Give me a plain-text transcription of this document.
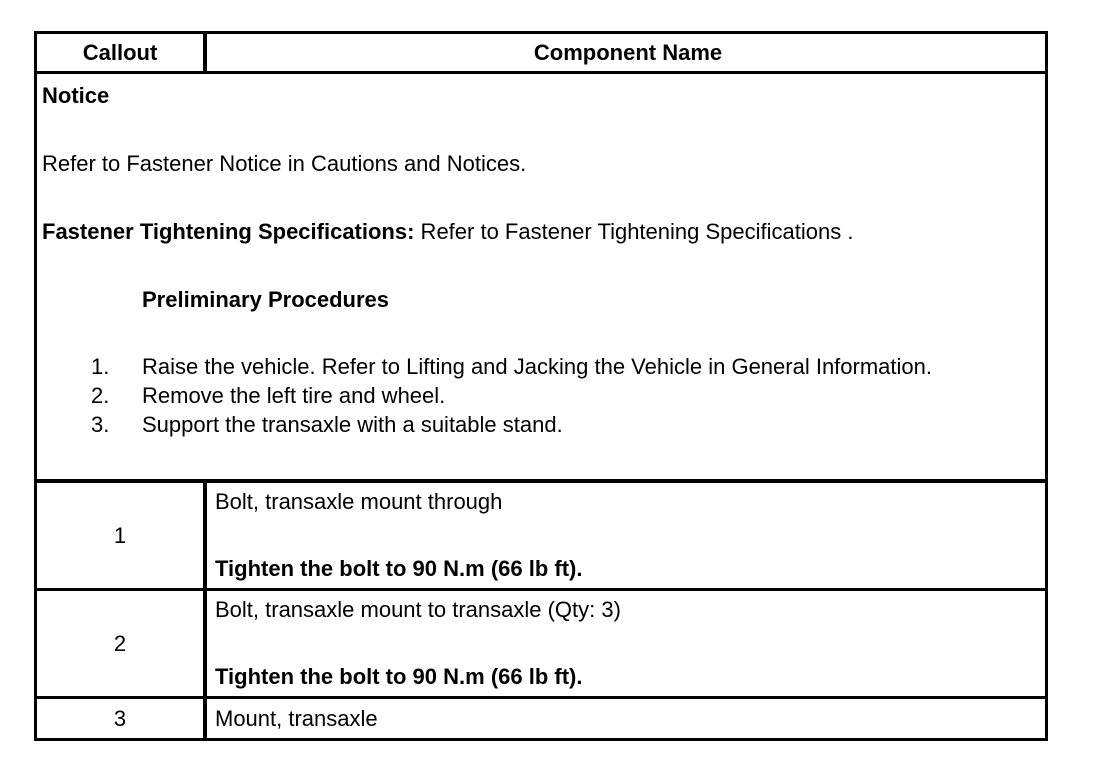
Callout	Component Name
Notice
Refer to Fastener Notice in Cautions and Notices.
Fastener Tightening Specifications: Refer to Fastener Tightening Specifications .
Preliminary Procedures
1. Raise the vehicle. Refer to Lifting and Jacking the Vehicle in General Information.
2. Remove the left tire and wheel.
3. Support the transaxle with a suitable stand.
1
Bolt, transaxle mount through
Tighten the bolt to 90 N.m (66 lb ft).
2
Bolt, transaxle mount to transaxle (Qty: 3)
Tighten the bolt to 90 N.m (66 lb ft).
3	Mount, transaxle
